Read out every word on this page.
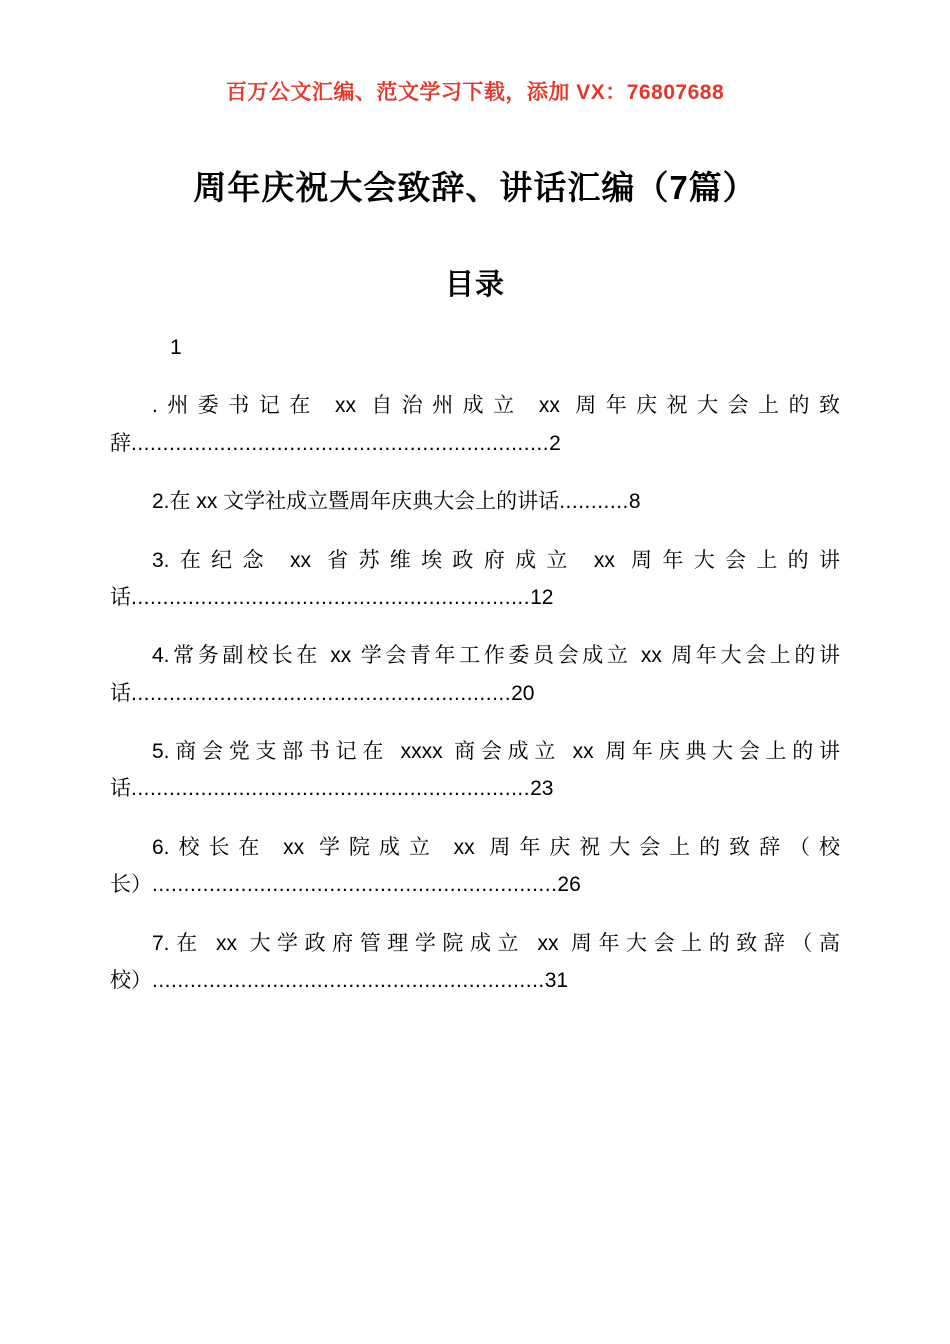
百万公文汇编、范文学习下载，添加 VX：76807688
周年庆祝大会致辞、讲话汇编（7篇）
目录
1

.州委书记在 xx 自治州成立 xx 周年庆祝大会上的致辞..................................................................2

2.在 xx 文学社成立暨周年庆典大会上的讲话...........8

3.在纪念 xx 省苏维埃政府成立 xx 周年大会上的讲话...............................................................12

4.常务副校长在 xx 学会青年工作委员会成立 xx 周年大会上的讲话............................................................20

5.商会党支部书记在 xxxx 商会成立 xx 周年庆典大会上的讲话...............................................................23

6.校长在 xx 学院成立 xx 周年庆祝大会上的致辞（校长）................................................................26

7.在 xx 大学政府管理学院成立 xx 周年大会上的致辞（高校）..............................................................31
